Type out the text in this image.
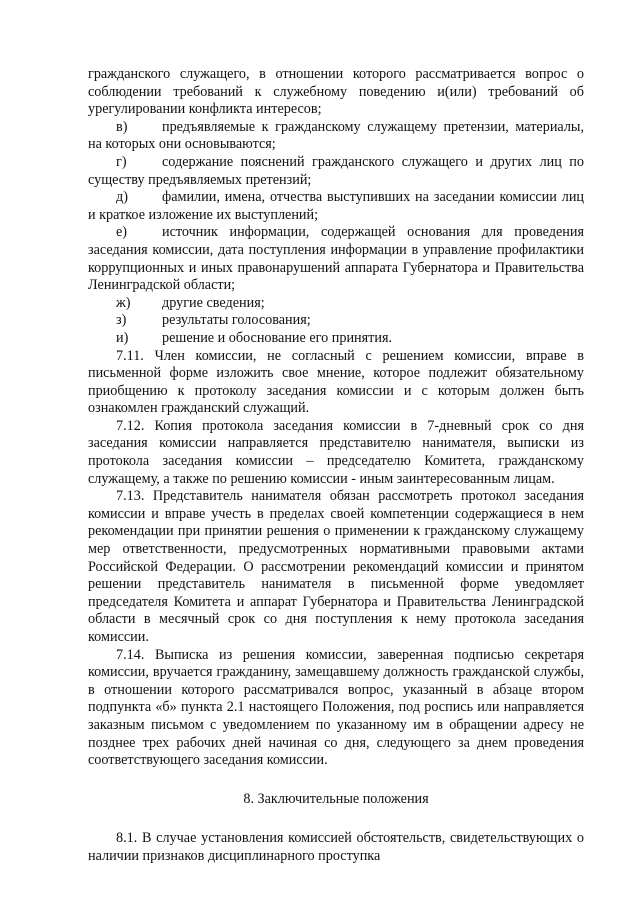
гражданского служащего, в отношении которого рассматривается вопрос о соблюдении требований к служебному поведению и(или) требований об урегулировании конфликта интересов;

в) предъявляемые к гражданскому служащему претензии, материалы, на которых они основываются;

г) содержание пояснений гражданского служащего и других лиц по существу предъявляемых претензий;

д) фамилии, имена, отчества выступивших на заседании комиссии лиц и краткое изложение их выступлений;

е) источник информации, содержащей основания для проведения заседания комиссии, дата поступления информации в управление профилактики коррупционных и иных правонарушений аппарата Губернатора и Правительства Ленинградской области;

ж) другие сведения;

з)	результаты голосования;

и) решение и обоснование его принятия.

7.11. Член комиссии, не согласный с решением комиссии, вправе в письменной форме изложить свое мнение, которое подлежит обязательному приобщению к протоколу заседания комиссии и с которым должен быть ознакомлен гражданский служащий.

7.12. Копия протокола заседания комиссии в 7-дневный срок со дня заседания комиссии направляется представителю нанимателя, выписки из протокола заседания комиссии – председателю Комитета, гражданскому служащему, а также по решению комиссии - иным заинтересованным лицам.

7.13. Представитель нанимателя обязан рассмотреть протокол заседания комиссии и вправе учесть в пределах своей компетенции содержащиеся в нем рекомендации при принятии решения о применении к гражданскому служащему мер ответственности, предусмотренных нормативными правовыми актами Российской Федерации. О рассмотрении рекомендаций комиссии и принятом решении представитель нанимателя в письменной форме уведомляет председателя Комитета и аппарат Губернатора и Правительства Ленинградской области в месячный срок со дня поступления к нему протокола заседания комиссии.

7.14. Выписка из решения комиссии, заверенная подписью секретаря комиссии, вручается гражданину, замещавшему должность гражданской службы, в отношении которого рассматривался вопрос, указанный в абзаце втором подпункта «б» пункта 2.1 настоящего Положения, под роспись или направляется заказным письмом с уведомлением по указанному им в обращении адресу не позднее трех рабочих дней начиная со дня, следующего за днем проведения соответствующего заседания комиссии.

8. Заключительные положения

8.1. В случае установления комиссией обстоятельств, свидетельствующих о наличии признаков дисциплинарного проступка
